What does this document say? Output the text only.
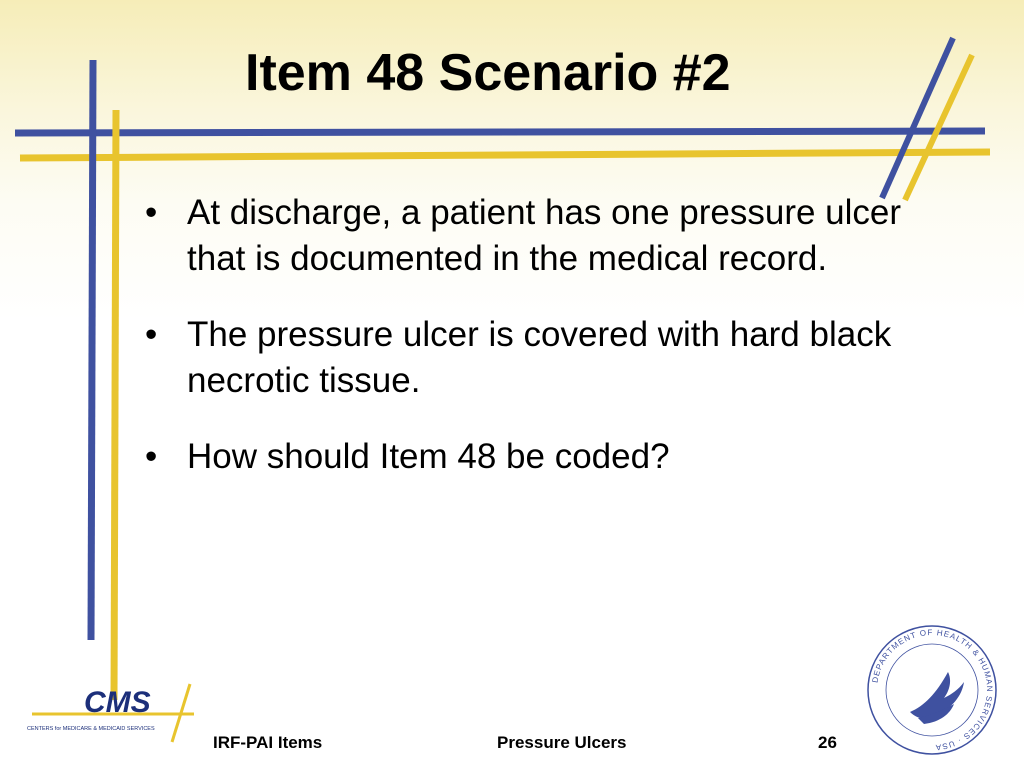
Item 48 Scenario #2
• At discharge, a patient has one pressure ulcer that is documented in the medical record.
• The pressure ulcer is covered with hard black necrotic tissue.
• How should Item 48 be coded?
CMS
CENTERS for MEDICARE & MEDICAID SERVICES
DEPARTMENT OF HEALTH & HUMAN SERVICES · USA
IRF-PAI Items	Pressure Ulcers	26
